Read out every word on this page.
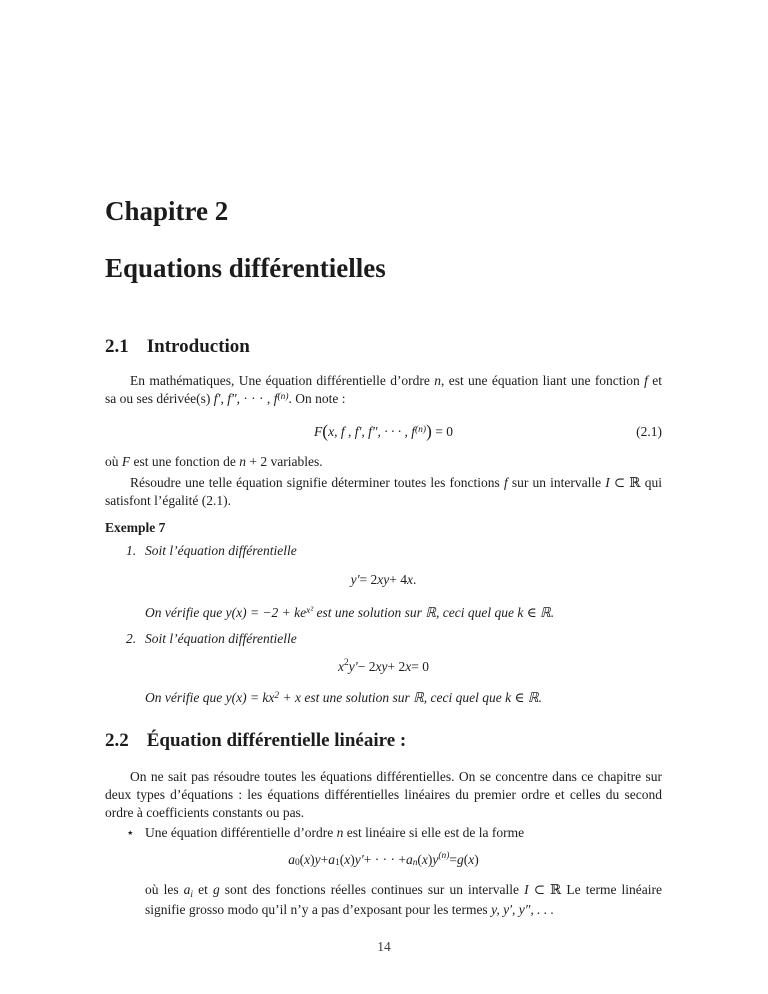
Chapitre 2
Equations différentielles
2.1 Introduction

En mathématiques, Une équation différentielle d’ordre n, est une équation liant une fonction f et sa ou ses dérivée(s) f′, f″, · · · , $f^{(n)}$. On note :

F(x, f , f′, f″, · · · , $f^{(n)}) = 0$	(2.1)

où F est une fonction de n + 2 variables.

Résoudre une telle équation signifie déterminer toutes les fonctions f sur un intervalle I ⊂ ℝ qui satisfont l’égalité (2.1).

Exemple 7

1. Soit l’équation différentielle
y′ = 2 xy + 4 x .

On vérifie que $y(x) = -2 + ke^{x^2}$ est une solution sur ℝ, ceci quel que k ∈ ℝ.

2. Soit l’équation différentielle
x 2 y′ − 2 xy + 2 x = 0

On vérifie que $y(x) = kx^2 + x$ est une solution sur ℝ, ceci quel que k ∈ ℝ.

2.2 Équation différentielle linéaire :

On ne sait pas résoudre toutes les équations différentielles. On se concentre dans ce chapitre sur deux types d’équations : les équations différentielles linéaires du premier ordre et celles du second ordre à coefficients constants ou pas.

⋆ Une équation différentielle d’ordre n est linéaire si elle est de la forme
a 0 ( x ) y + a 1 ( x ) y′ + · · · + a n ( x ) y (n) = g ( x )

où les $a_i$ et g sont des fonctions réelles continues sur un intervalle I ⊂ ℝ Le terme linéaire signifie grosso modo qu’il n’y a pas d’exposant pour les termes y, y′, y″, . . .

14
